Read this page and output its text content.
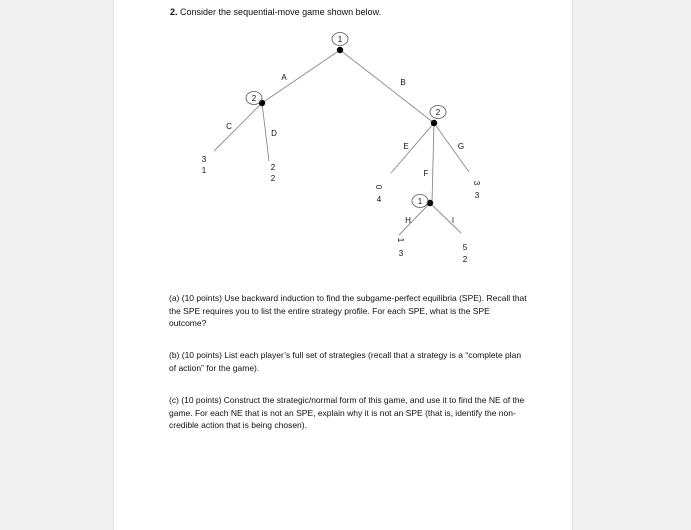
2. Consider the sequential-move game shown below.
1
2
2
1
A
B
C
D
E
F
G
H	I
3
1	2
2
0
4
3
3
1
3
5
2
(a) (10 points) Use backward induction to find the subgame-perfect equilibria (SPE). Recall that the SPE requires you to list the entire strategy profile. For each SPE, what is the SPE outcome?
(b) (10 points) List each player’s full set of strategies (recall that a strategy is a “complete plan of action” for the game).
(c) (10 points) Construct the strategic/normal form of this game, and use it to find the NE of the game. For each NE that is not an SPE, explain why it is not an SPE (that is, identify the non-credible action that is being chosen).
